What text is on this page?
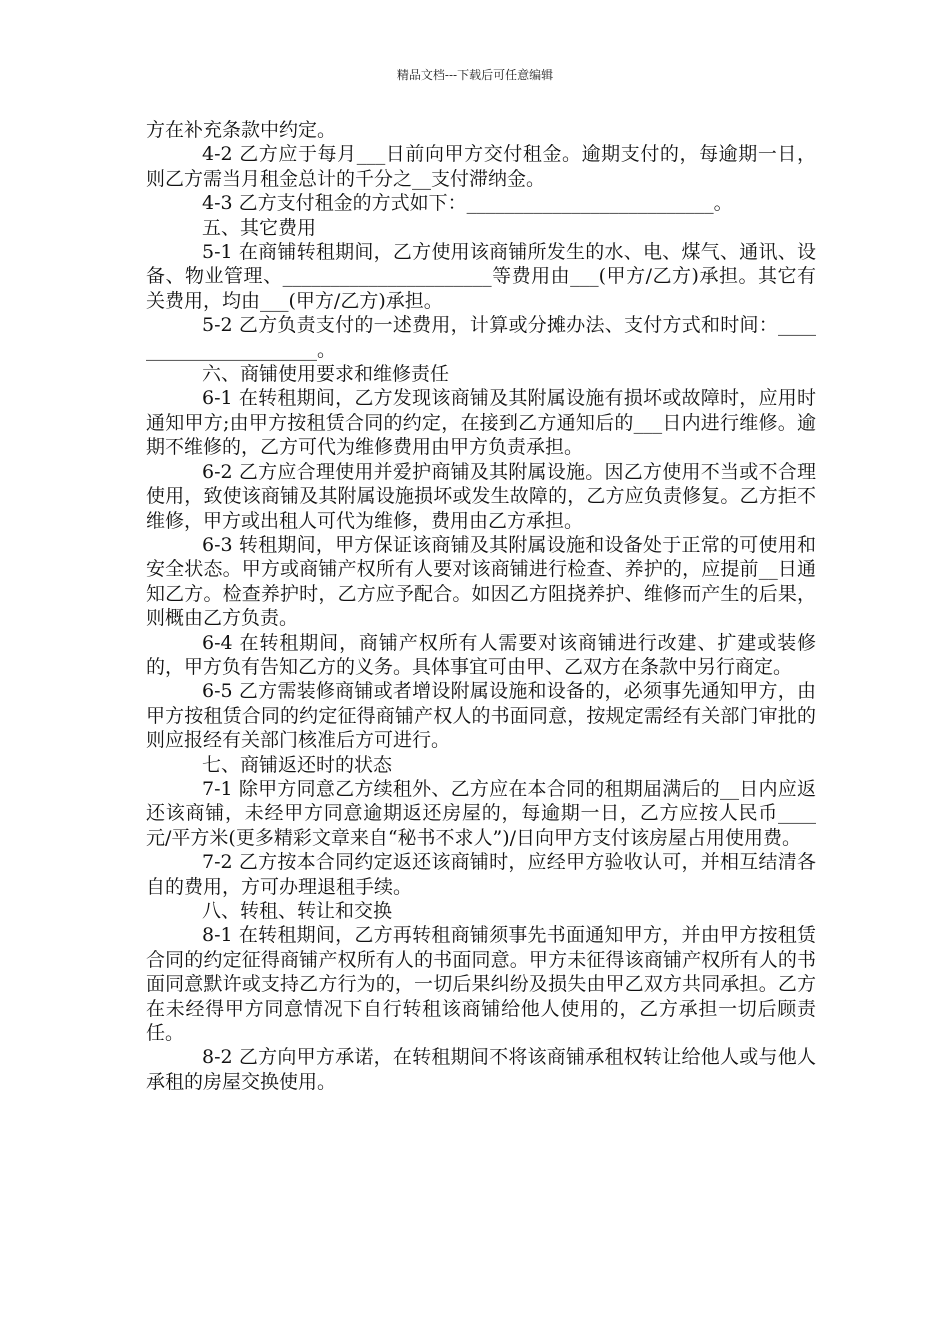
精品文档---下载后可任意编辑

方在补充条款中约定。

4-2 乙方应于每月___日前向甲方交付租金。逾期支付的，每逾期一日，则乙方需当月租金总计的千分之__支付滞纳金。

4-3 乙方支付租金的方式如下：__________________________。

五、其它费用

5-1 在商铺转租期间，乙方使用该商铺所发生的水、电、煤气、通讯、设备、物业管理、______________________等费用由___(甲方/乙方)承担。其它有关费用，均由___(甲方/乙方)承担。

5-2 乙方负责支付的一述费用，计算或分摊办法、支付方式和时间：______________________。

六、商铺使用要求和维修责任

6-1 在转租期间，乙方发现该商铺及其附属设施有损坏或故障时，应用时通知甲方;由甲方按租赁合同的约定，在接到乙方通知后的___日内进行维修。逾期不维修的，乙方可代为维修费用由甲方负责承担。

6-2 乙方应合理使用并爱护商铺及其附属设施。因乙方使用不当或不合理使用，致使该商铺及其附属设施损坏或发生故障的，乙方应负责修复。乙方拒不维修，甲方或出租人可代为维修，费用由乙方承担。

6-3 转租期间，甲方保证该商铺及其附属设施和设备处于正常的可使用和安全状态。甲方或商铺产权所有人要对该商铺进行检查、养护的，应提前__日通知乙方。检查养护时，乙方应予配合。如因乙方阻挠养护、维修而产生的后果，则概由乙方负责。

6-4 在转租期间，商铺产权所有人需要对该商铺进行改建、扩建或装修的，甲方负有告知乙方的义务。具体事宜可由甲、乙双方在条款中另行商定。

6-5 乙方需装修商铺或者增设附属设施和设备的，必须事先通知甲方，由甲方按租赁合同的约定征得商铺产权人的书面同意，按规定需经有关部门审批的则应报经有关部门核准后方可进行。

七、商铺返还时的状态

7-1 除甲方同意乙方续租外、乙方应在本合同的租期届满后的__日内应返还该商铺，未经甲方同意逾期返还房屋的，每逾期一日，乙方应按人民币____元/平方米(更多精彩文章来自“秘书不求人”)/日向甲方支付该房屋占用使用费。

7-2 乙方按本合同约定返还该商铺时，应经甲方验收认可，并相互结清各自的费用，方可办理退租手续。

八、转租、转让和交换

8-1 在转租期间，乙方再转租商铺须事先书面通知甲方，并由甲方按租赁合同的约定征得商铺产权所有人的书面同意。甲方未征得该商铺产权所有人的书面同意默许或支持乙方行为的，一切后果纠纷及损失由甲乙双方共同承担。乙方在未经得甲方同意情况下自行转租该商铺给他人使用的，乙方承担一切后顾责任。

8-2 乙方向甲方承诺，在转租期间不将该商铺承租权转让给他人或与他人承租的房屋交换使用。
